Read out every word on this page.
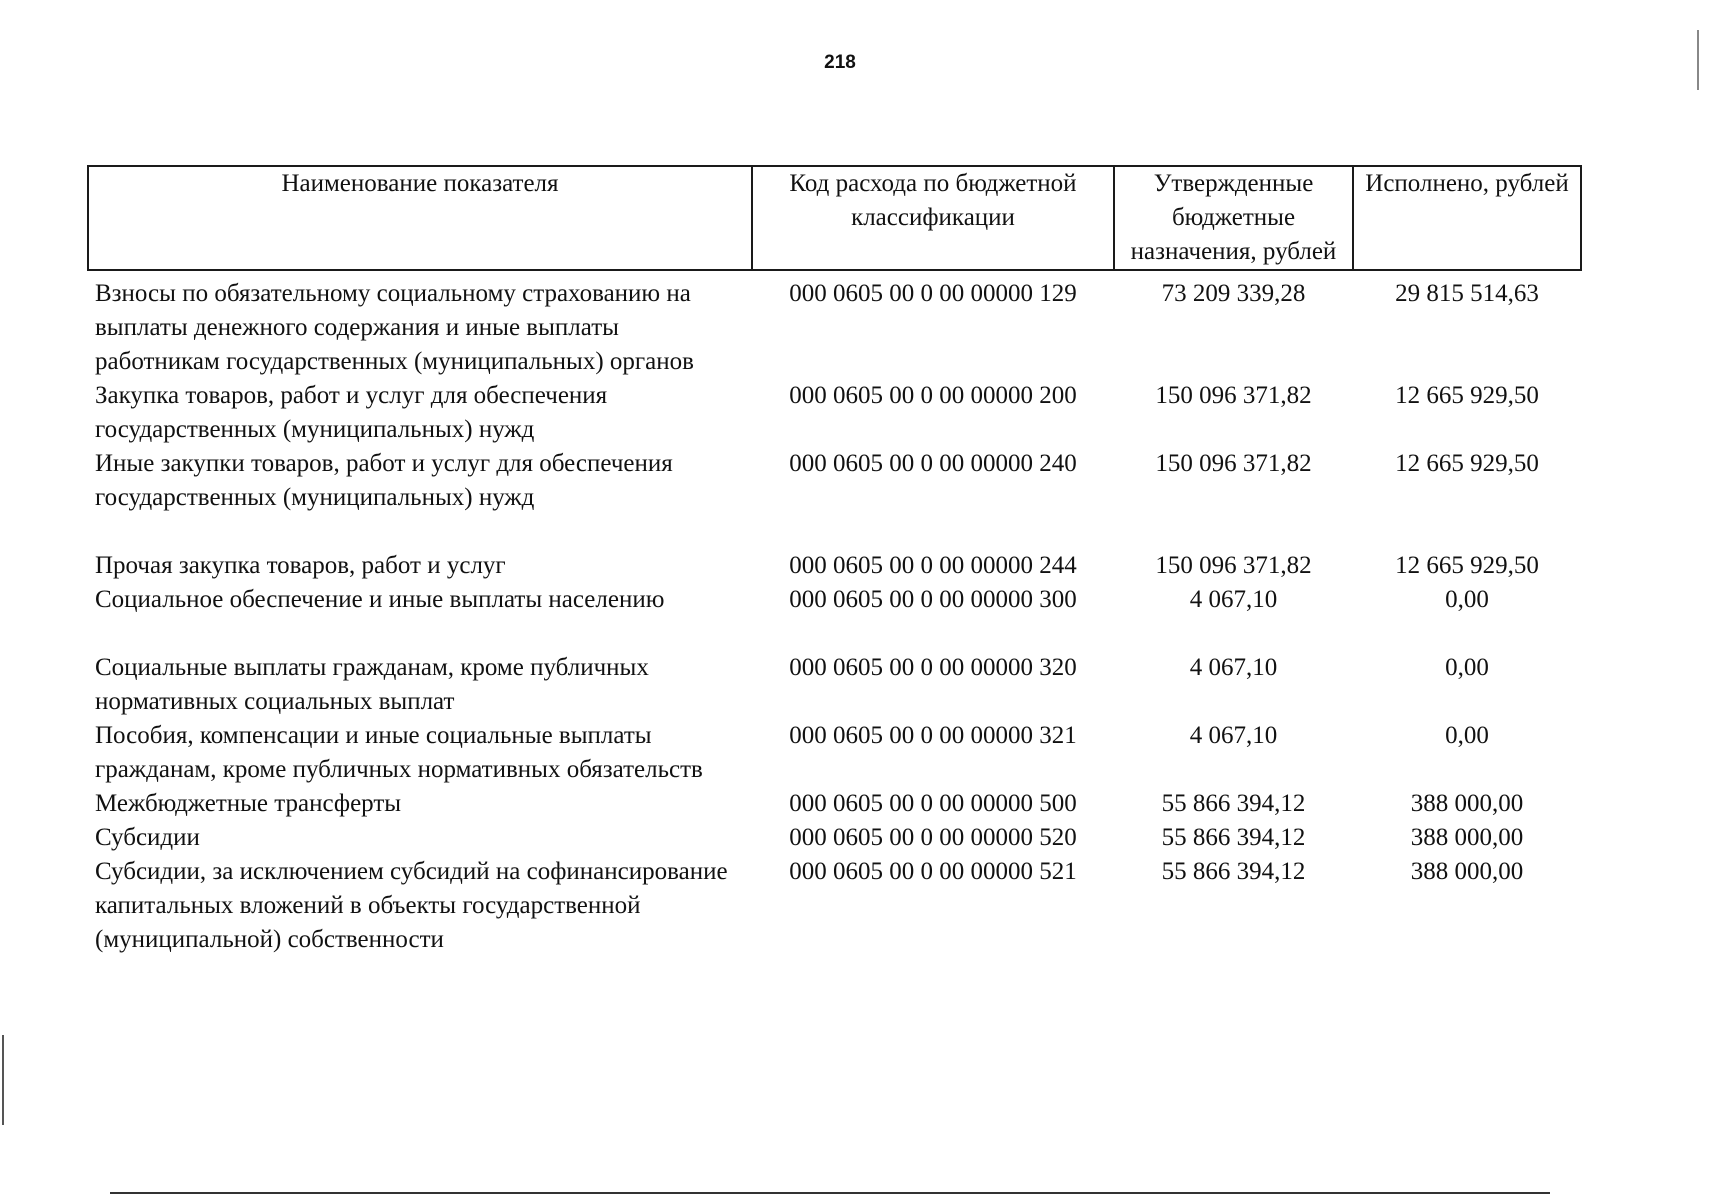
218
Наименование показателя	Код расхода по бюджетной классификации	Утвержденные бюджетные назначения, рублей	Исполнено, рублей
Взносы по обязательному социальному страхованию на выплаты денежного содержания и иные выплаты работникам государственных (муниципальных) органов	000 0605 00 0 00 00000 129	73 209 339,28	29 815 514,63
Закупка товаров, работ и услуг для обеспечения государственных (муниципальных) нужд	000 0605 00 0 00 00000 200	150 096 371,82	12 665 929,50
Иные закупки товаров, работ и услуг для обеспечения государственных (муниципальных) нужд	000 0605 00 0 00 00000 240	150 096 371,82	12 665 929,50

Прочая закупка товаров, работ и услуг	000 0605 00 0 00 00000 244	150 096 371,82	12 665 929,50
Социальное обеспечение и иные выплаты населению	000 0605 00 0 00 00000 300	4 067,10	0,00

Социальные выплаты гражданам, кроме публичных нормативных социальных выплат	000 0605 00 0 00 00000 320	4 067,10	0,00
Пособия, компенсации и иные социальные выплаты гражданам, кроме публичных нормативных обязательств	000 0605 00 0 00 00000 321	4 067,10	0,00
Межбюджетные трансферты	000 0605 00 0 00 00000 500	55 866 394,12	388 000,00
Субсидии	000 0605 00 0 00 00000 520	55 866 394,12	388 000,00
Субсидии, за исключением субсидий на софинансирование капитальных вложений в объекты государственной (муниципальной) собственности	000 0605 00 0 00 00000 521	55 866 394,12	388 000,00
